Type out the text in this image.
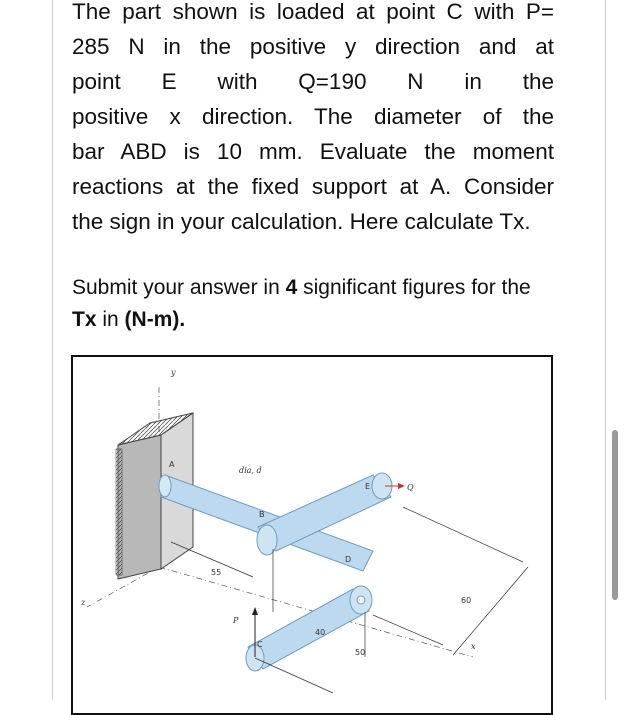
The part shown is loaded at point C with P=
285 N in the positive y direction and at
point E with Q=190 N in the
positive x direction. The diameter of the
bar ABD is 10 mm. Evaluate the moment
reactions at the fixed support at A. Consider
the sign in your calculation. Here calculate Tx.

Submit your answer in 4 significant figures for the
Tx in (N-m).

y
z
x
A
B
C
D
E
P
Q
dia, d
55
40
50
60
